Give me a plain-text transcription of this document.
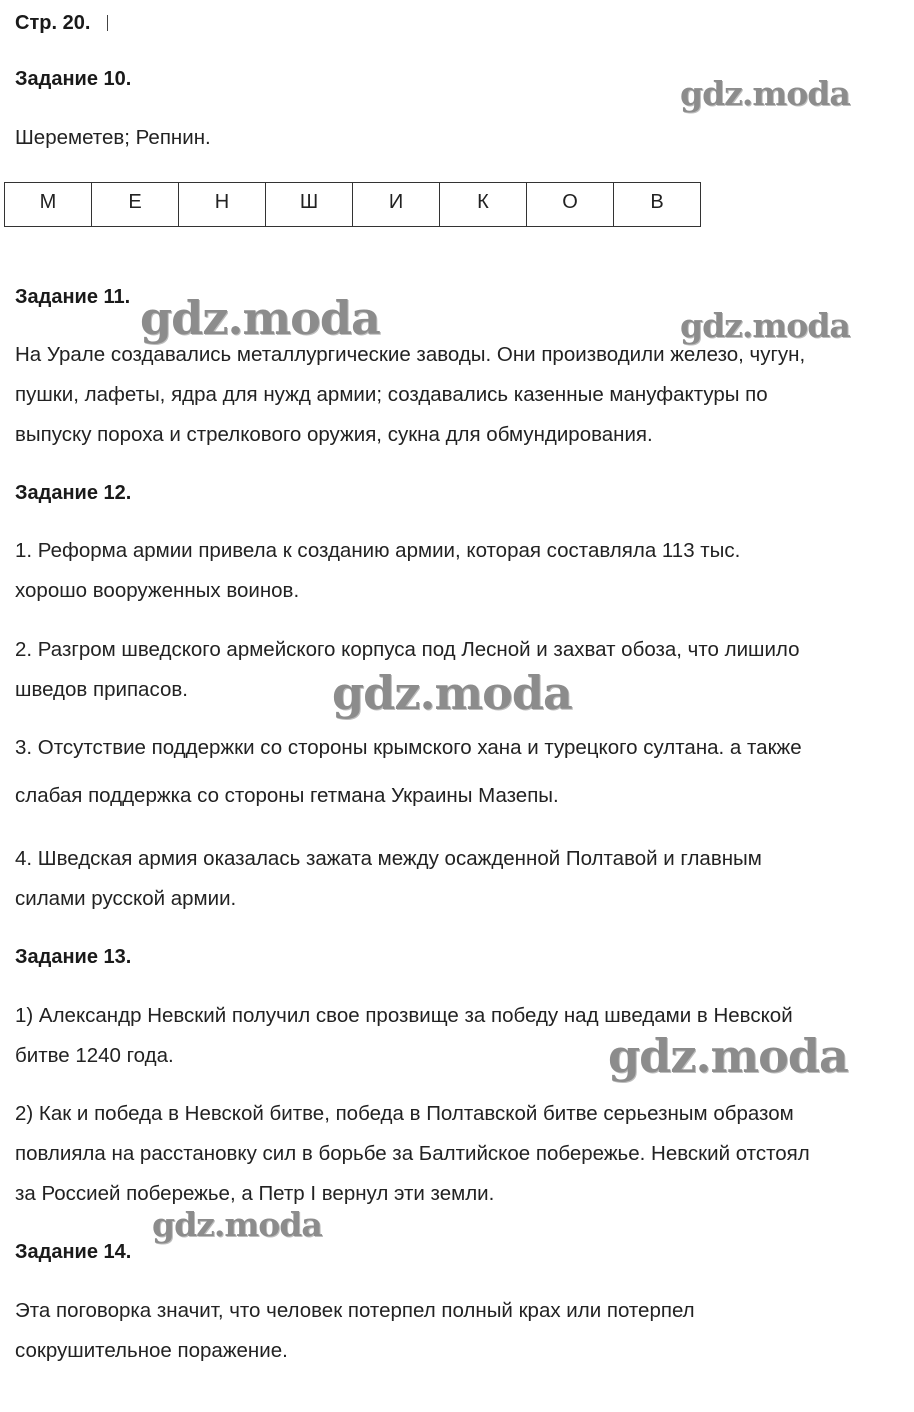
Стр. 20.
Задание 10.
Шереметев; Репнин.
М	Е	Н	Ш	И	К	О	В
Задание 11.
На Урале создавались металлургические заводы. Они производили железо, чугун,
пушки, лафеты, ядра для нужд армии; создавались казенные мануфактуры по
выпуску пороха и стрелкового оружия, сукна для обмундирования.
Задание 12.
1. Реформа армии привела к созданию армии, которая составляла 113 тыс.
хорошо вооруженных воинов.
2. Разгром шведского армейского корпуса под Лесной и захват обоза, что лишило
шведов припасов.
3. Отсутствие поддержки со стороны крымского хана и турецкого султана. а также
слабая поддержка со стороны гетмана Украины Мазепы.
4. Шведская армия оказалась зажата между осажденной Полтавой и главным
силами русской армии.
Задание 13.
1) Александр Невский получил свое прозвище за победу над шведами в Невской
битве 1240 года.
2) Как и победа в Невской битве, победа в Полтавской битве серьезным образом
повлияла на расстановку сил в борьбе за Балтийское побережье. Невский отстоял
за Россией побережье, а Петр I вернул эти земли.
Задание 14.
Эта поговорка значит, что человек потерпел полный крах или потерпел
сокрушительное поражение.
gdz.moda
gdz.moda	gdz.moda
gdz.moda
gdz.moda
gdz.moda
